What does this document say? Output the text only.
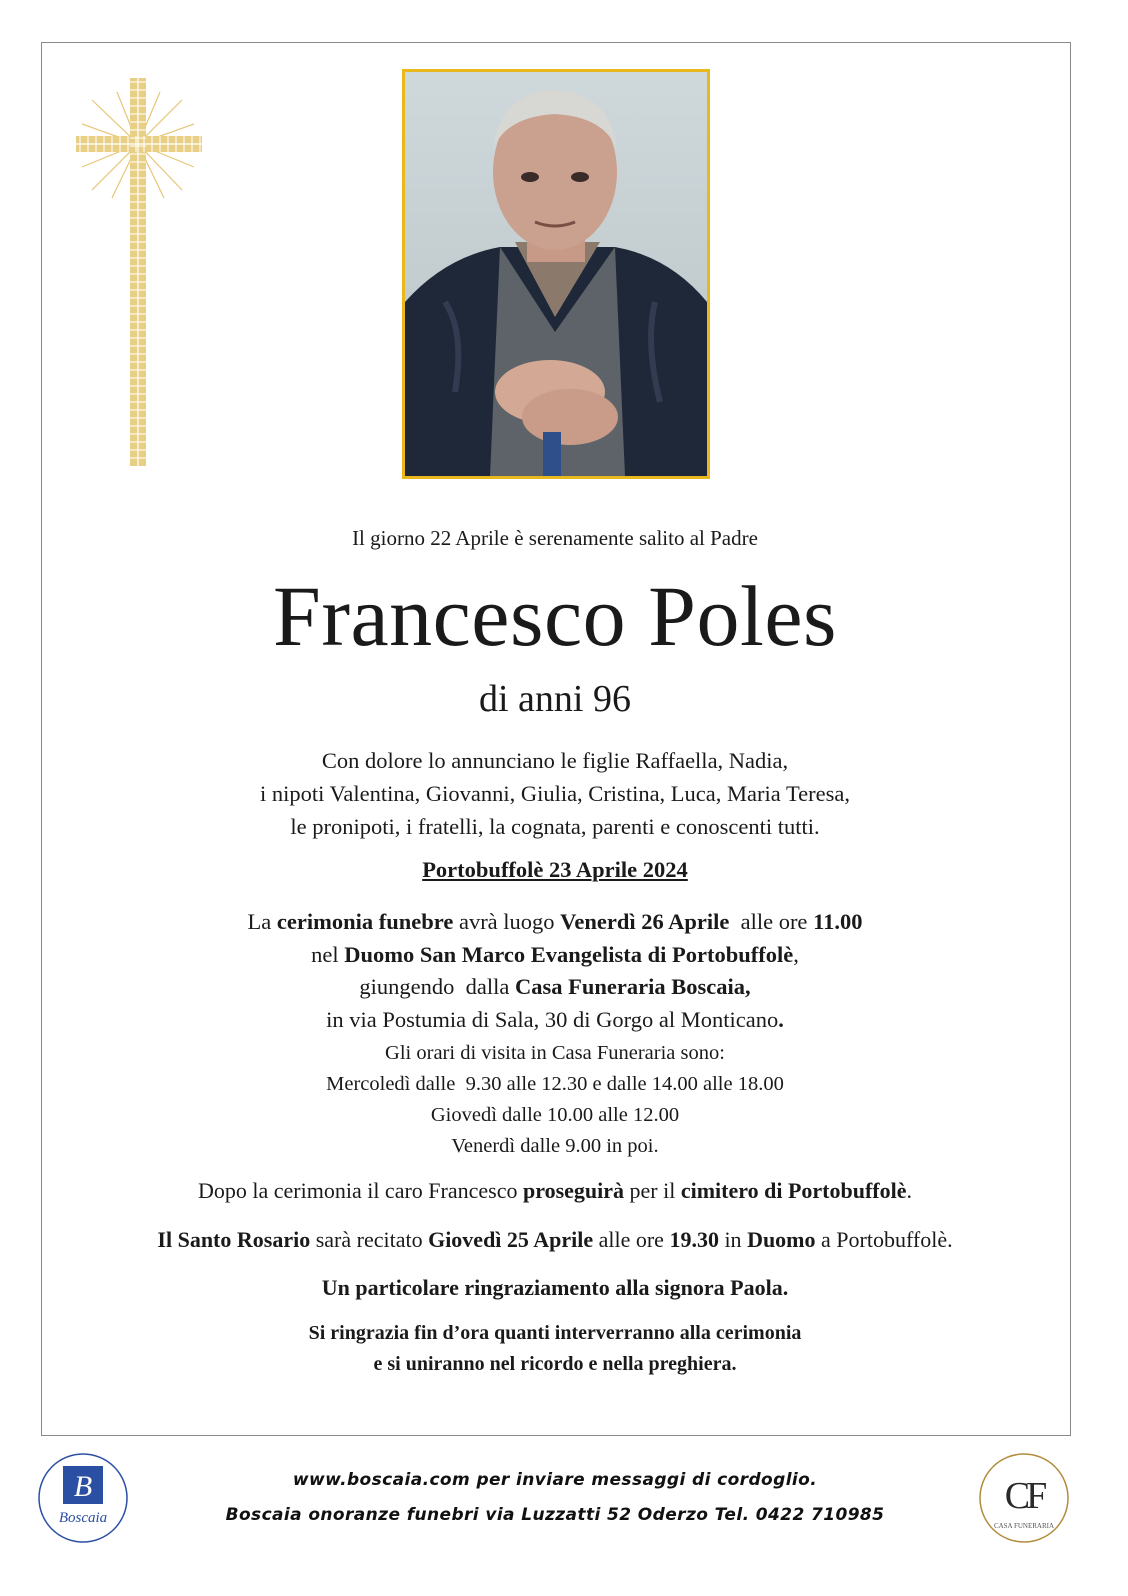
Il giorno 22 Aprile è serenamente salito al Padre
Francesco Poles
di anni 96
Con dolore lo annunciano le figlie Raffaella, Nadia,
i nipoti Valentina, Giovanni, Giulia, Cristina, Luca, Maria Teresa,
le pronipoti, i fratelli, la cognata, parenti e conoscenti tutti.
Portobuffolè 23 Aprile 2024
La cerimonia funebre avrà luogo Venerdì 26 Aprile  alle ore 11.00
nel Duomo San Marco Evangelista di Portobuffolè,
giungendo  dalla Casa Funeraria Boscaia,
in via Postumia di Sala, 30 di Gorgo al Monticano.
Gli orari di visita in Casa Funeraria sono:
Mercoledì dalle  9.30 alle 12.30 e dalle 14.00 alle 18.00
Giovedì dalle 10.00 alle 12.00
Venerdì dalle 9.00 in poi.
Dopo la cerimonia il caro Francesco proseguirà per il cimitero di Portobuffolè.
Il Santo Rosario sarà recitato Giovedì 25 Aprile alle ore 19.30 in Duomo a Portobuffolè.
Un particolare ringraziamento alla signora Paola.
Si ringrazia fin d’ora quanti interverranno alla cerimonia
e si uniranno nel ricordo e nella preghiera.
B
Boscaia
CF
CASA FUNERARIA
www.boscaia.com per inviare messaggi di cordoglio.
Boscaia onoranze funebri via Luzzatti 52 Oderzo Tel. 0422 710985
